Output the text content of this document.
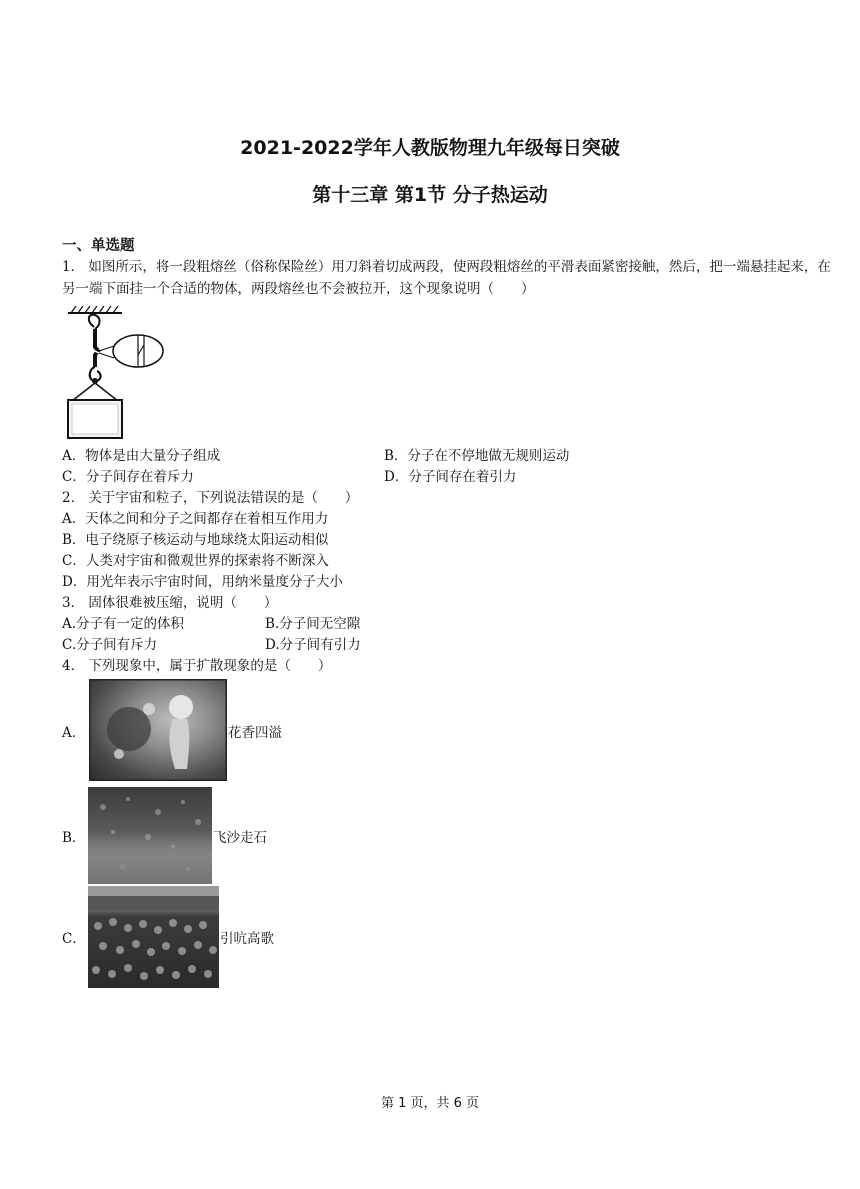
2021-2022学年人教版物理九年级每日突破
第十三章 第1节 分子热运动
一、单选题
1． 如图所示，将一段粗熔丝（俗称保险丝）用刀斜着切成两段，使两段粗熔丝的平滑表面紧密接触，然后，把一端悬挂起来，在另一端下面挂一个合适的物体，两段熔丝也不会被拉开，这个现象说明（　　）
A．物体是由大量分子组成	B．分子在不停地做无规则运动
C．分子间存在着斥力	D．分子间存在着引力
2． 关于宇宙和粒子，下列说法错误的是（　　）
A．天体之间和分子之间都存在着相互作用力
B．电子绕原子核运动与地球绕太阳运动相似
C．人类对宇宙和微观世界的探索将不断深入
D．用光年表示宇宙时间，用纳米量度分子大小
3． 固体很难被压缩，说明（　　）
A.分子有一定的体积	B.分子间无空隙
C.分子间有斥力	D.分子间有引力
4． 下列现象中，属于扩散现象的是（　　）
A．	花香四溢
B．	飞沙走石
C．	引吭高歌
第 1 页，共 6 页
